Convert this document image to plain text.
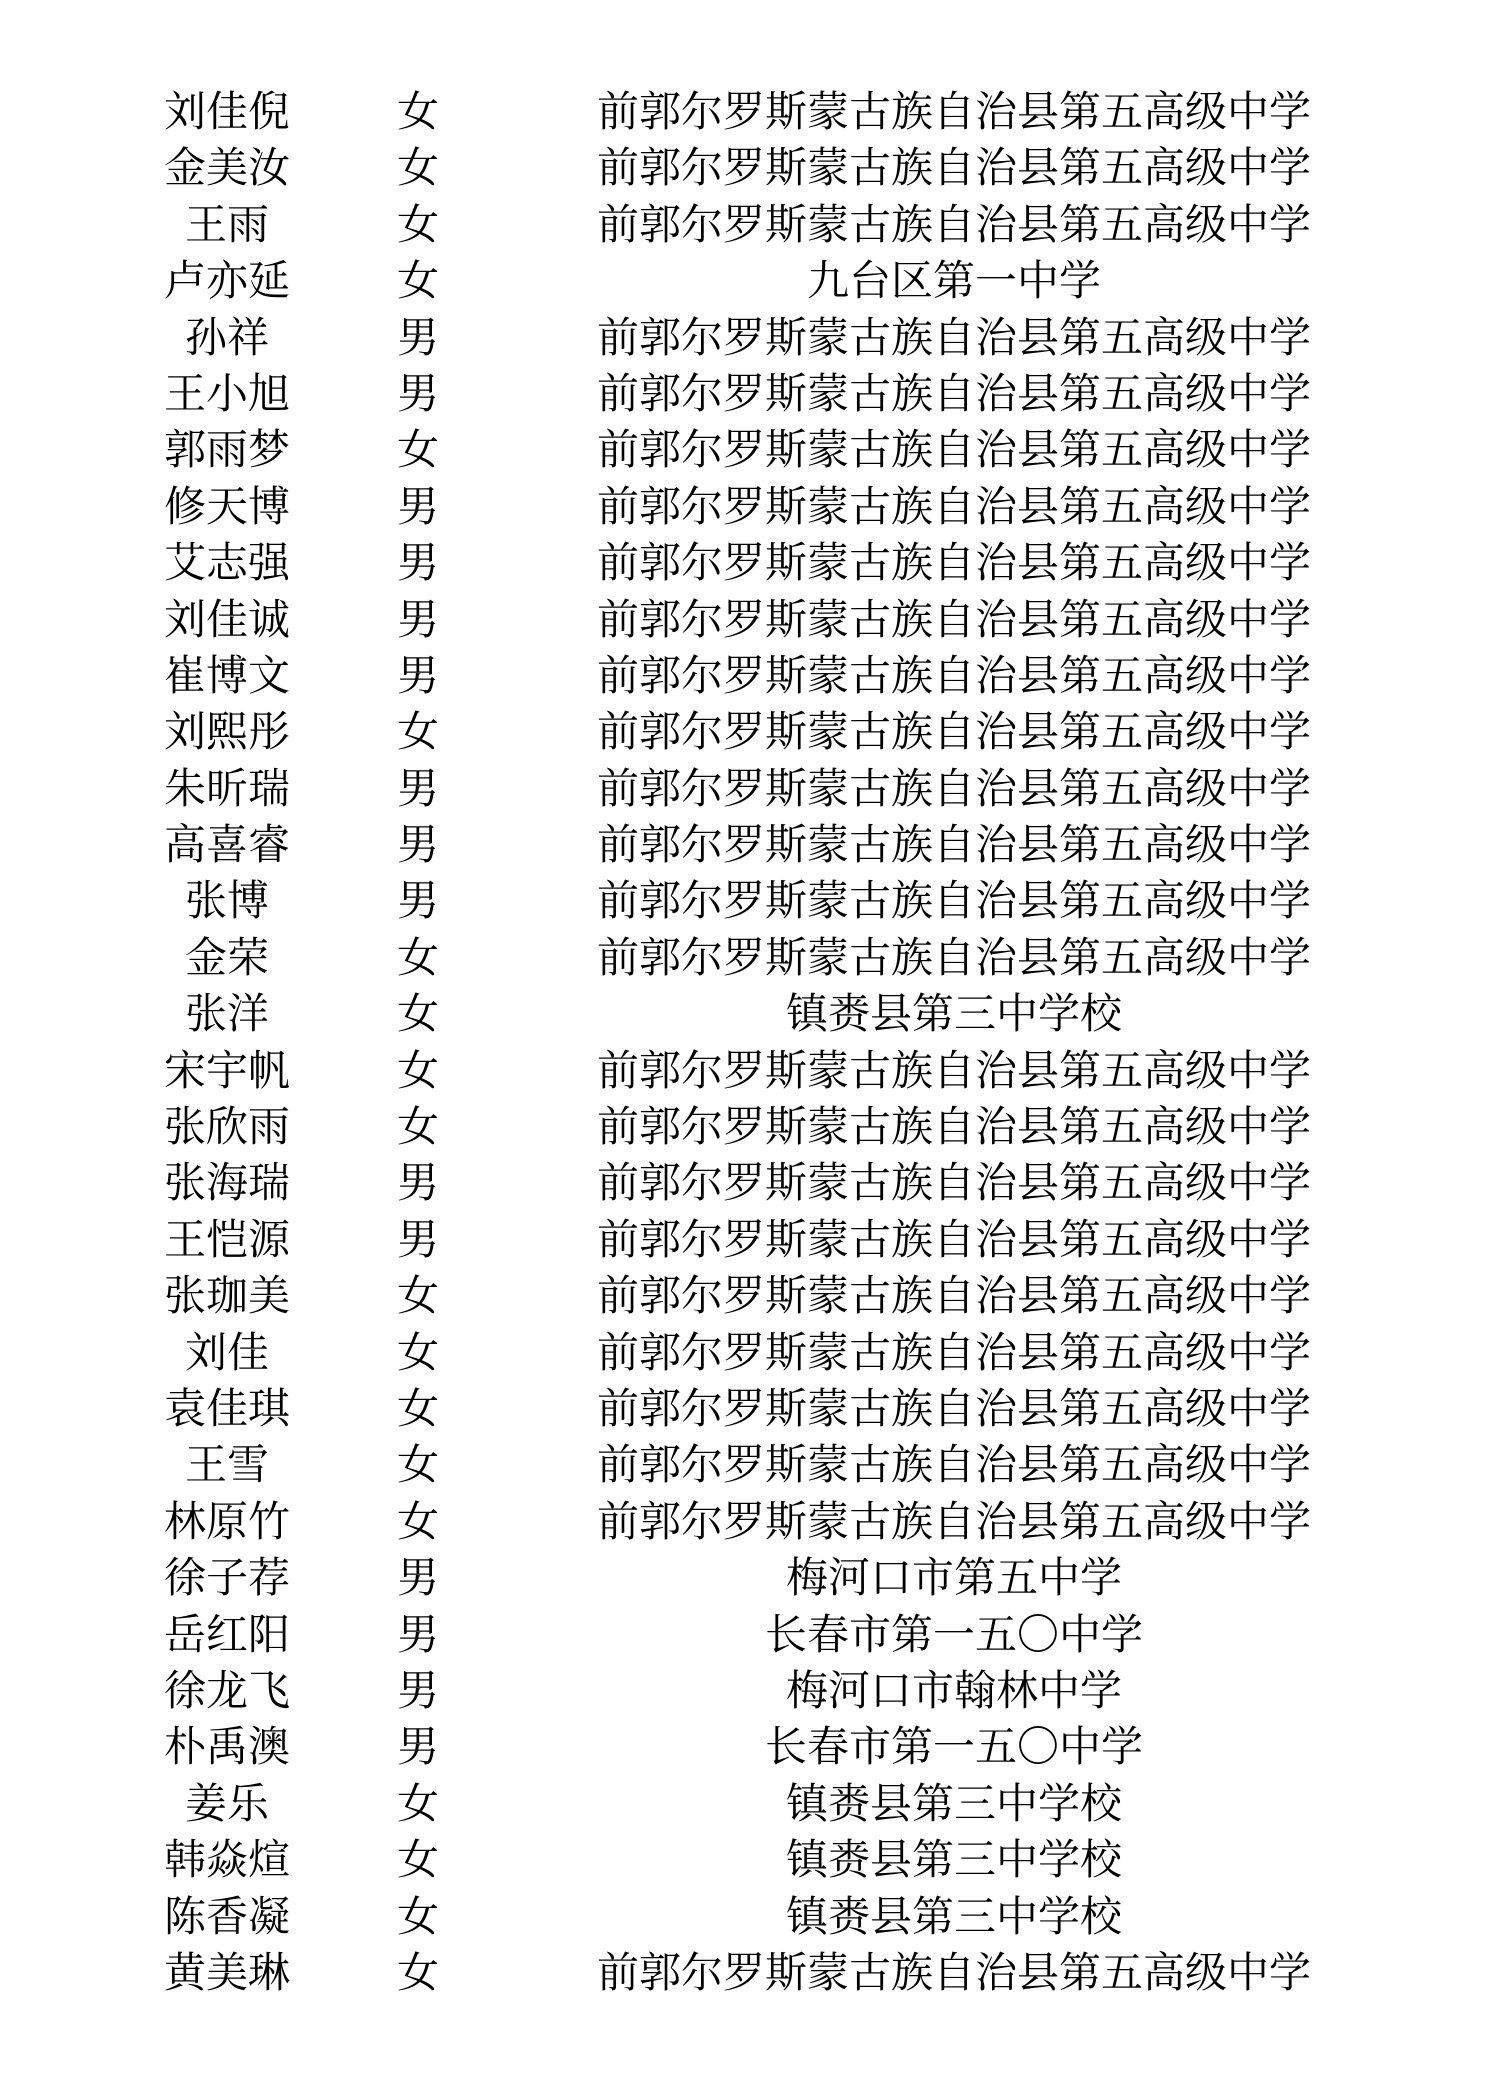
刘佳倪	女	前郭尔罗斯蒙古族自治县第五高级中学
金美汝	女	前郭尔罗斯蒙古族自治县第五高级中学
王雨	女	前郭尔罗斯蒙古族自治县第五高级中学
卢亦延	女	九台区第一中学
孙祥	男	前郭尔罗斯蒙古族自治县第五高级中学
王小旭	男	前郭尔罗斯蒙古族自治县第五高级中学
郭雨梦	女	前郭尔罗斯蒙古族自治县第五高级中学
修天博	男	前郭尔罗斯蒙古族自治县第五高级中学
艾志强	男	前郭尔罗斯蒙古族自治县第五高级中学
刘佳诚	男	前郭尔罗斯蒙古族自治县第五高级中学
崔博文	男	前郭尔罗斯蒙古族自治县第五高级中学
刘熙彤	女	前郭尔罗斯蒙古族自治县第五高级中学
朱昕瑞	男	前郭尔罗斯蒙古族自治县第五高级中学
高喜睿	男	前郭尔罗斯蒙古族自治县第五高级中学
张博	男	前郭尔罗斯蒙古族自治县第五高级中学
金荣	女	前郭尔罗斯蒙古族自治县第五高级中学
张洋	女	镇赉县第三中学校
宋宇帆	女	前郭尔罗斯蒙古族自治县第五高级中学
张欣雨	女	前郭尔罗斯蒙古族自治县第五高级中学
张海瑞	男	前郭尔罗斯蒙古族自治县第五高级中学
王恺源	男	前郭尔罗斯蒙古族自治县第五高级中学
张珈美	女	前郭尔罗斯蒙古族自治县第五高级中学
刘佳	女	前郭尔罗斯蒙古族自治县第五高级中学
袁佳琪	女	前郭尔罗斯蒙古族自治县第五高级中学
王雪	女	前郭尔罗斯蒙古族自治县第五高级中学
林原竹	女	前郭尔罗斯蒙古族自治县第五高级中学
徐子荐	男	梅河口市第五中学
岳红阳	男	长春市第一五〇中学
徐龙飞	男	梅河口市翰林中学
朴禹澳	男	长春市第一五〇中学
姜乐	女	镇赉县第三中学校
韩焱煊	女	镇赉县第三中学校
陈香凝	女	镇赉县第三中学校
黄美琳	女	前郭尔罗斯蒙古族自治县第五高级中学
